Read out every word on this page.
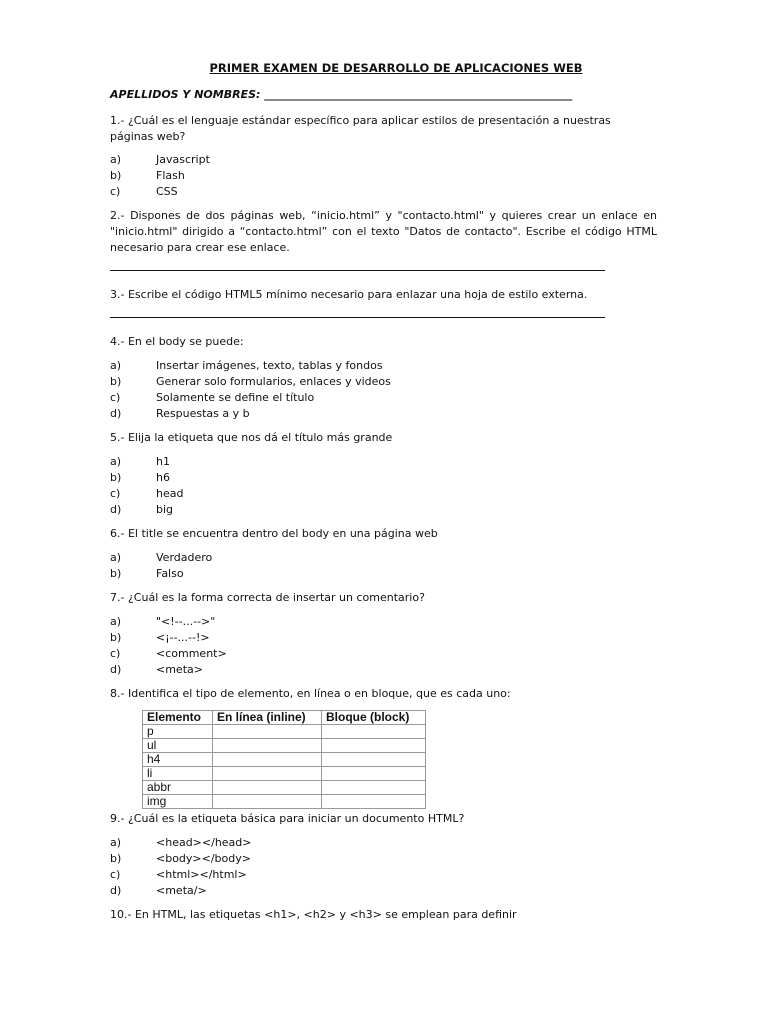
PRIMER EXAMEN DE DESARROLLO DE APLICACIONES WEB
APELLIDOS Y NOMBRES: ________________________________________________________
1.- ¿Cuál es el lenguaje estándar específico para aplicar estilos de presentación a nuestras páginas web?
a)	Javascript
b)	Flash
c)	CSS
2.- Dispones de dos páginas web, “inicio.html” y "contacto.html" y quieres crear un enlace en "inicio.html" dirigido a “contacto.html” con el texto "Datos de contacto". Escribe el código HTML necesario para crear ese enlace.
3.- Escribe el código HTML5 mínimo necesario para enlazar una hoja de estilo externa.
4.- En el body se puede:
a)	Insertar imágenes, texto, tablas y fondos
b)	Generar solo formularios, enlaces y videos
c)	Solamente se define el título
d)	Respuestas a y b
5.- Elija la etiqueta que nos dá el título más grande
a)	h1
b)	h6
c)	head
d)	big
6.- El title se encuentra dentro del body en una página web
a)	Verdadero
b)	Falso
7.- ¿Cuál es la forma correcta de insertar un comentario?
a)	"<!--...-->"
b)	<¡--...--!>
c)	<comment>
d)	<meta>
8.- Identifica el tipo de elemento, en línea o en bloque, que es cada uno:
Elemento	En línea (inline)	Bloque (block)
p		
ul		
h4		
li		
abbr		
img		
9.- ¿Cuál es la etiqueta básica para iniciar un documento HTML?
a)	<head></head>
b)	<body></body>
c)	<html></html>
d)	<meta/>
10.- En HTML, las etiquetas <h1>, <h2> y <h3> se emplean para definir
